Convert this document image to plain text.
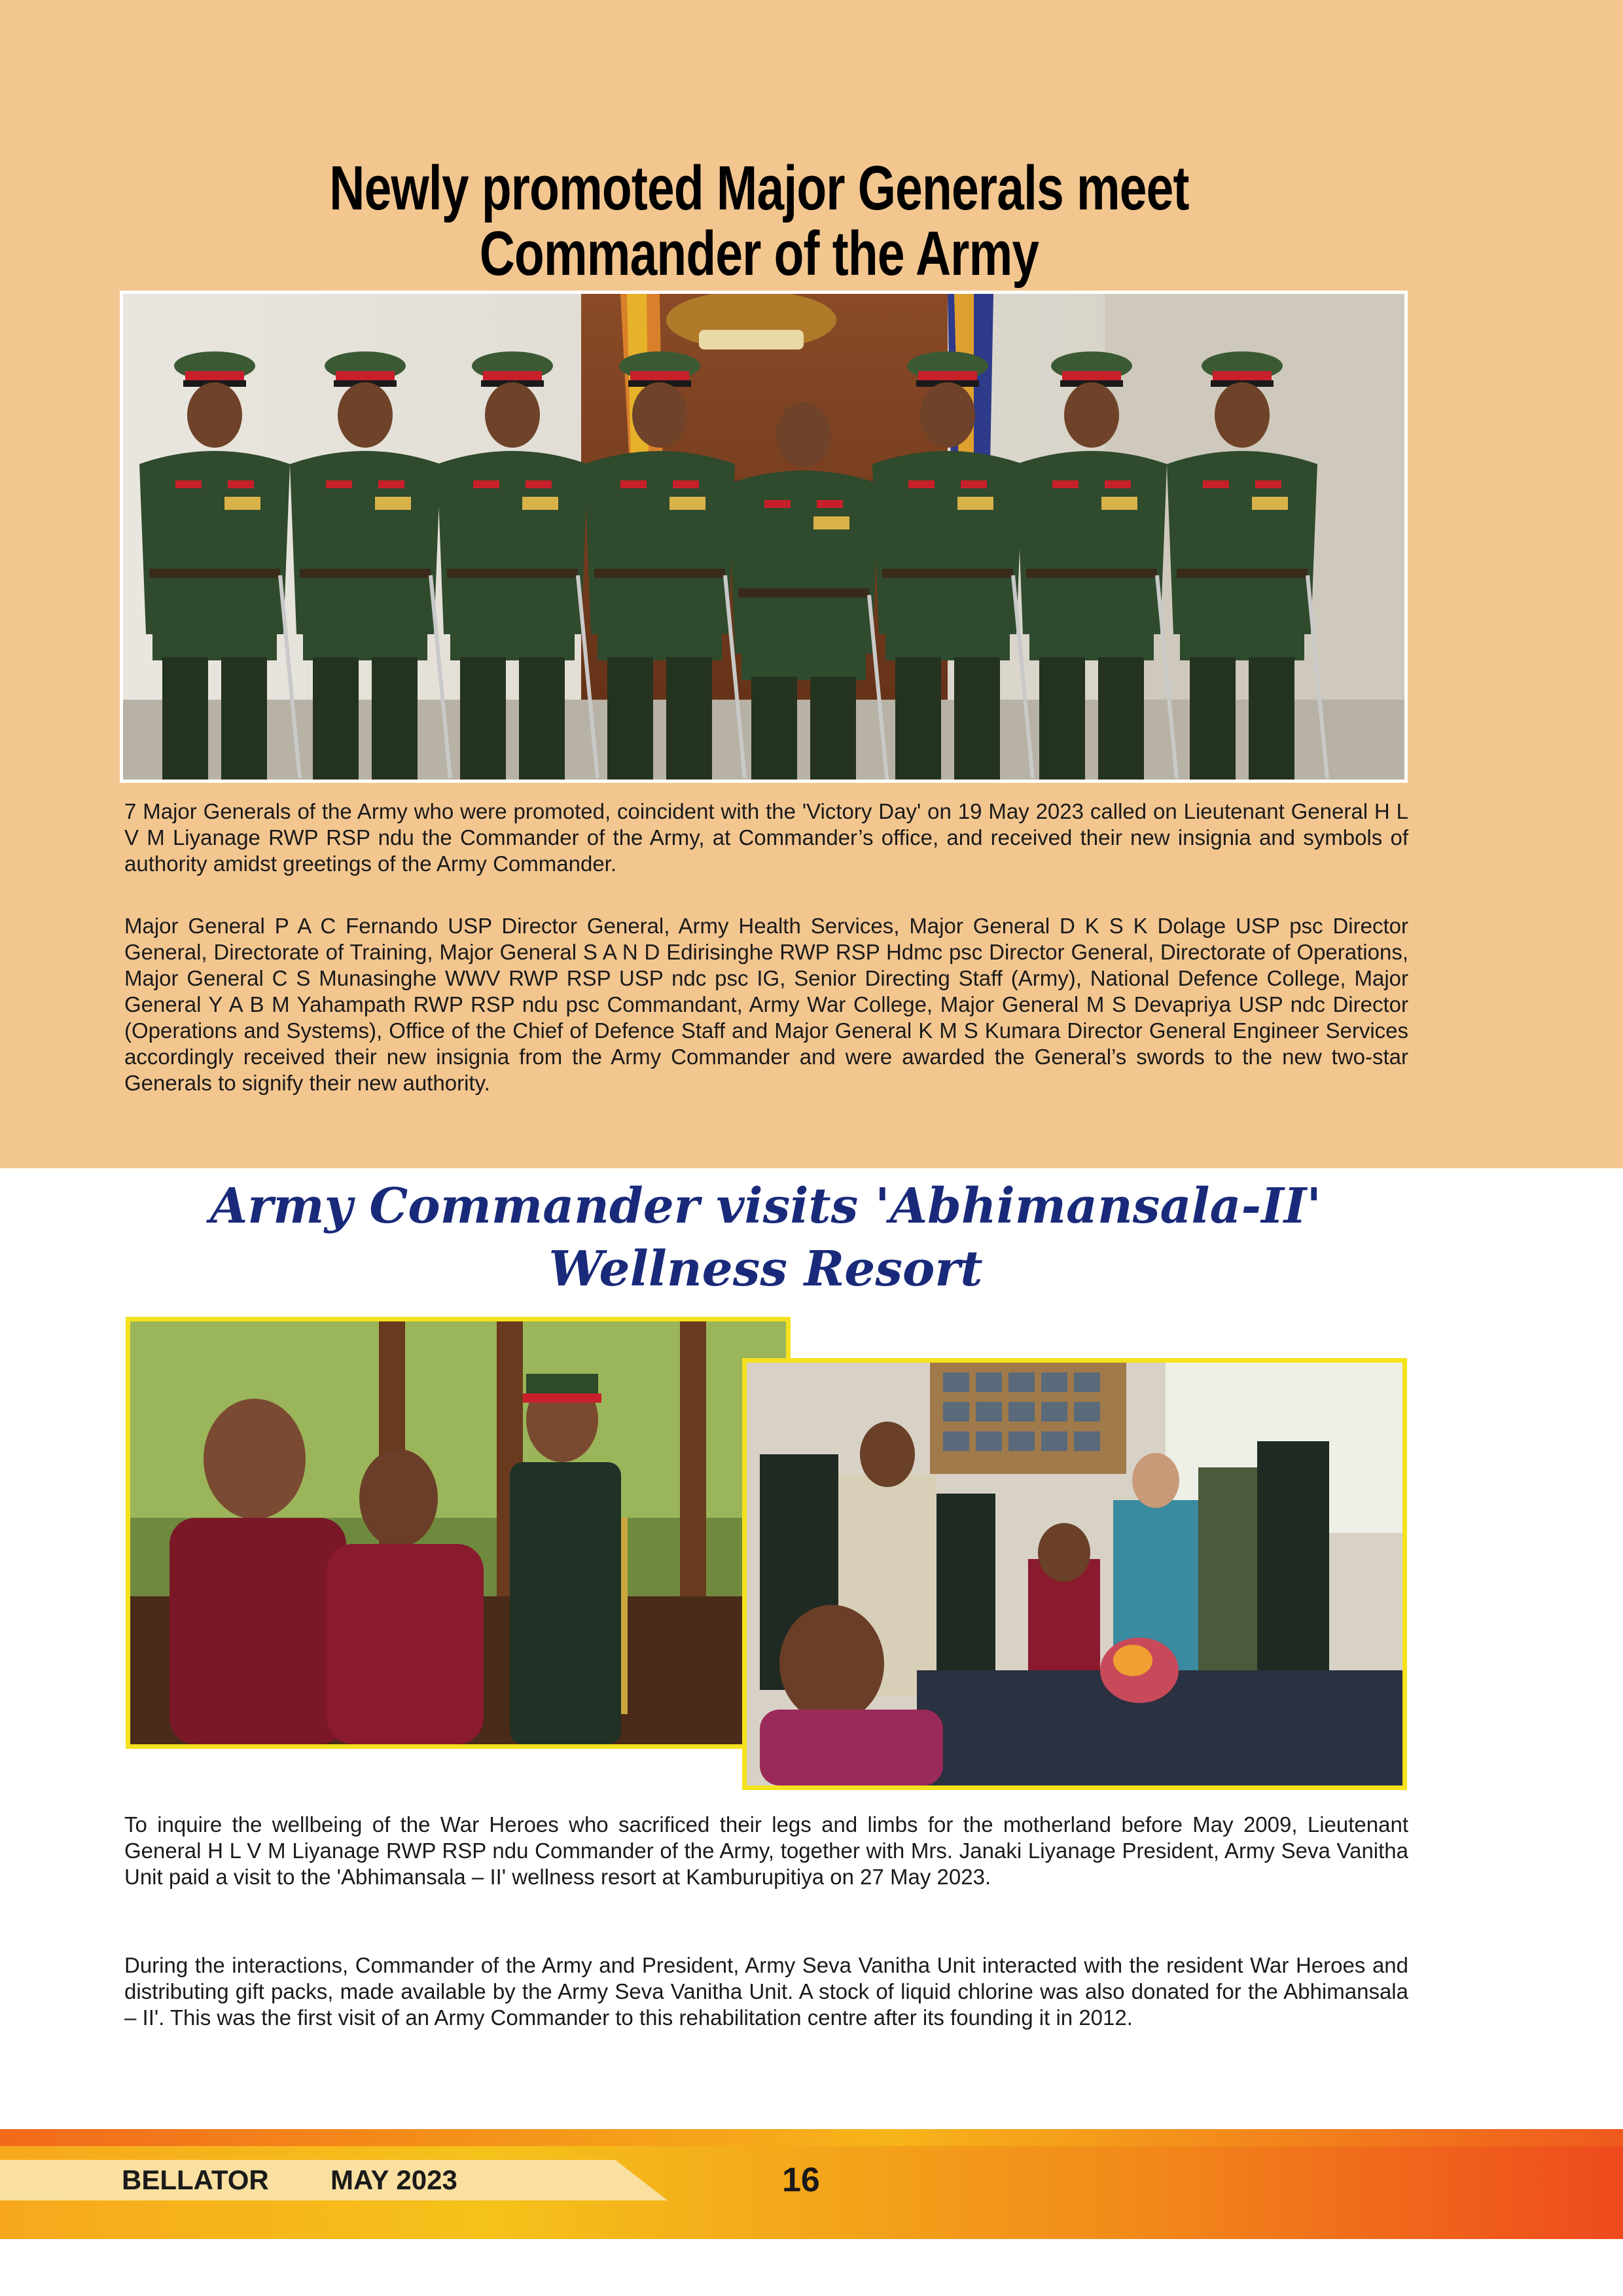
Newly promoted Major Generals meet
Commander of the Army

7 Major Generals of the Army who were promoted, coincident with the 'Victory Day' on 19 May 2023 called on Lieutenant General H L V M Liyanage RWP RSP ndu the Commander of the Army, at Commander’s office, and received their new insignia and symbols of authority amidst greetings of the Army Commander.

Major General P A C Fernando USP Director General, Army Health Services, Major General D K S K Dolage USP psc Director General, Directorate of Training, Major General S A N D Edirisinghe RWP RSP Hdmc psc Director General, Directorate of Operations, Major General C S Munasinghe WWV RWP RSP USP ndc psc IG, Senior Directing Staff (Army), National Defence College, Major General Y A B M Yahampath RWP RSP ndu psc Commandant, Army War College, Major General M S Devapriya USP ndc Director (Operations and Systems), Office of the Chief of Defence Staff and Major General K M S Kumara Director General Engineer Services accordingly received their new insignia from the Army Commander and were awarded the General’s swords to the new two-star Generals to signify their new authority.

Army Commander visits 'Abhimansala-II'
Wellness Resort

To inquire the wellbeing of the War Heroes who sacrificed their legs and limbs for the motherland before May 2009, Lieutenant General H L V M Liyanage RWP RSP ndu Commander of the Army, together with Mrs. Janaki Liyanage President, Army Seva Vanitha Unit paid a visit to the 'Abhimansala – II' wellness resort at Kamburupitiya on 27 May 2023.

During the interactions, Commander of the Army and President, Army Seva Vanitha Unit interacted with the resident War Heroes and distributing gift packs, made available by the Army Seva Vanitha Unit. A stock of liquid chlorine was also donated for the Abhimansala – II'. This was the first visit of an Army Commander to this rehabilitation centre after its founding it in 2012.

BELLATOR MAY 2023	16
